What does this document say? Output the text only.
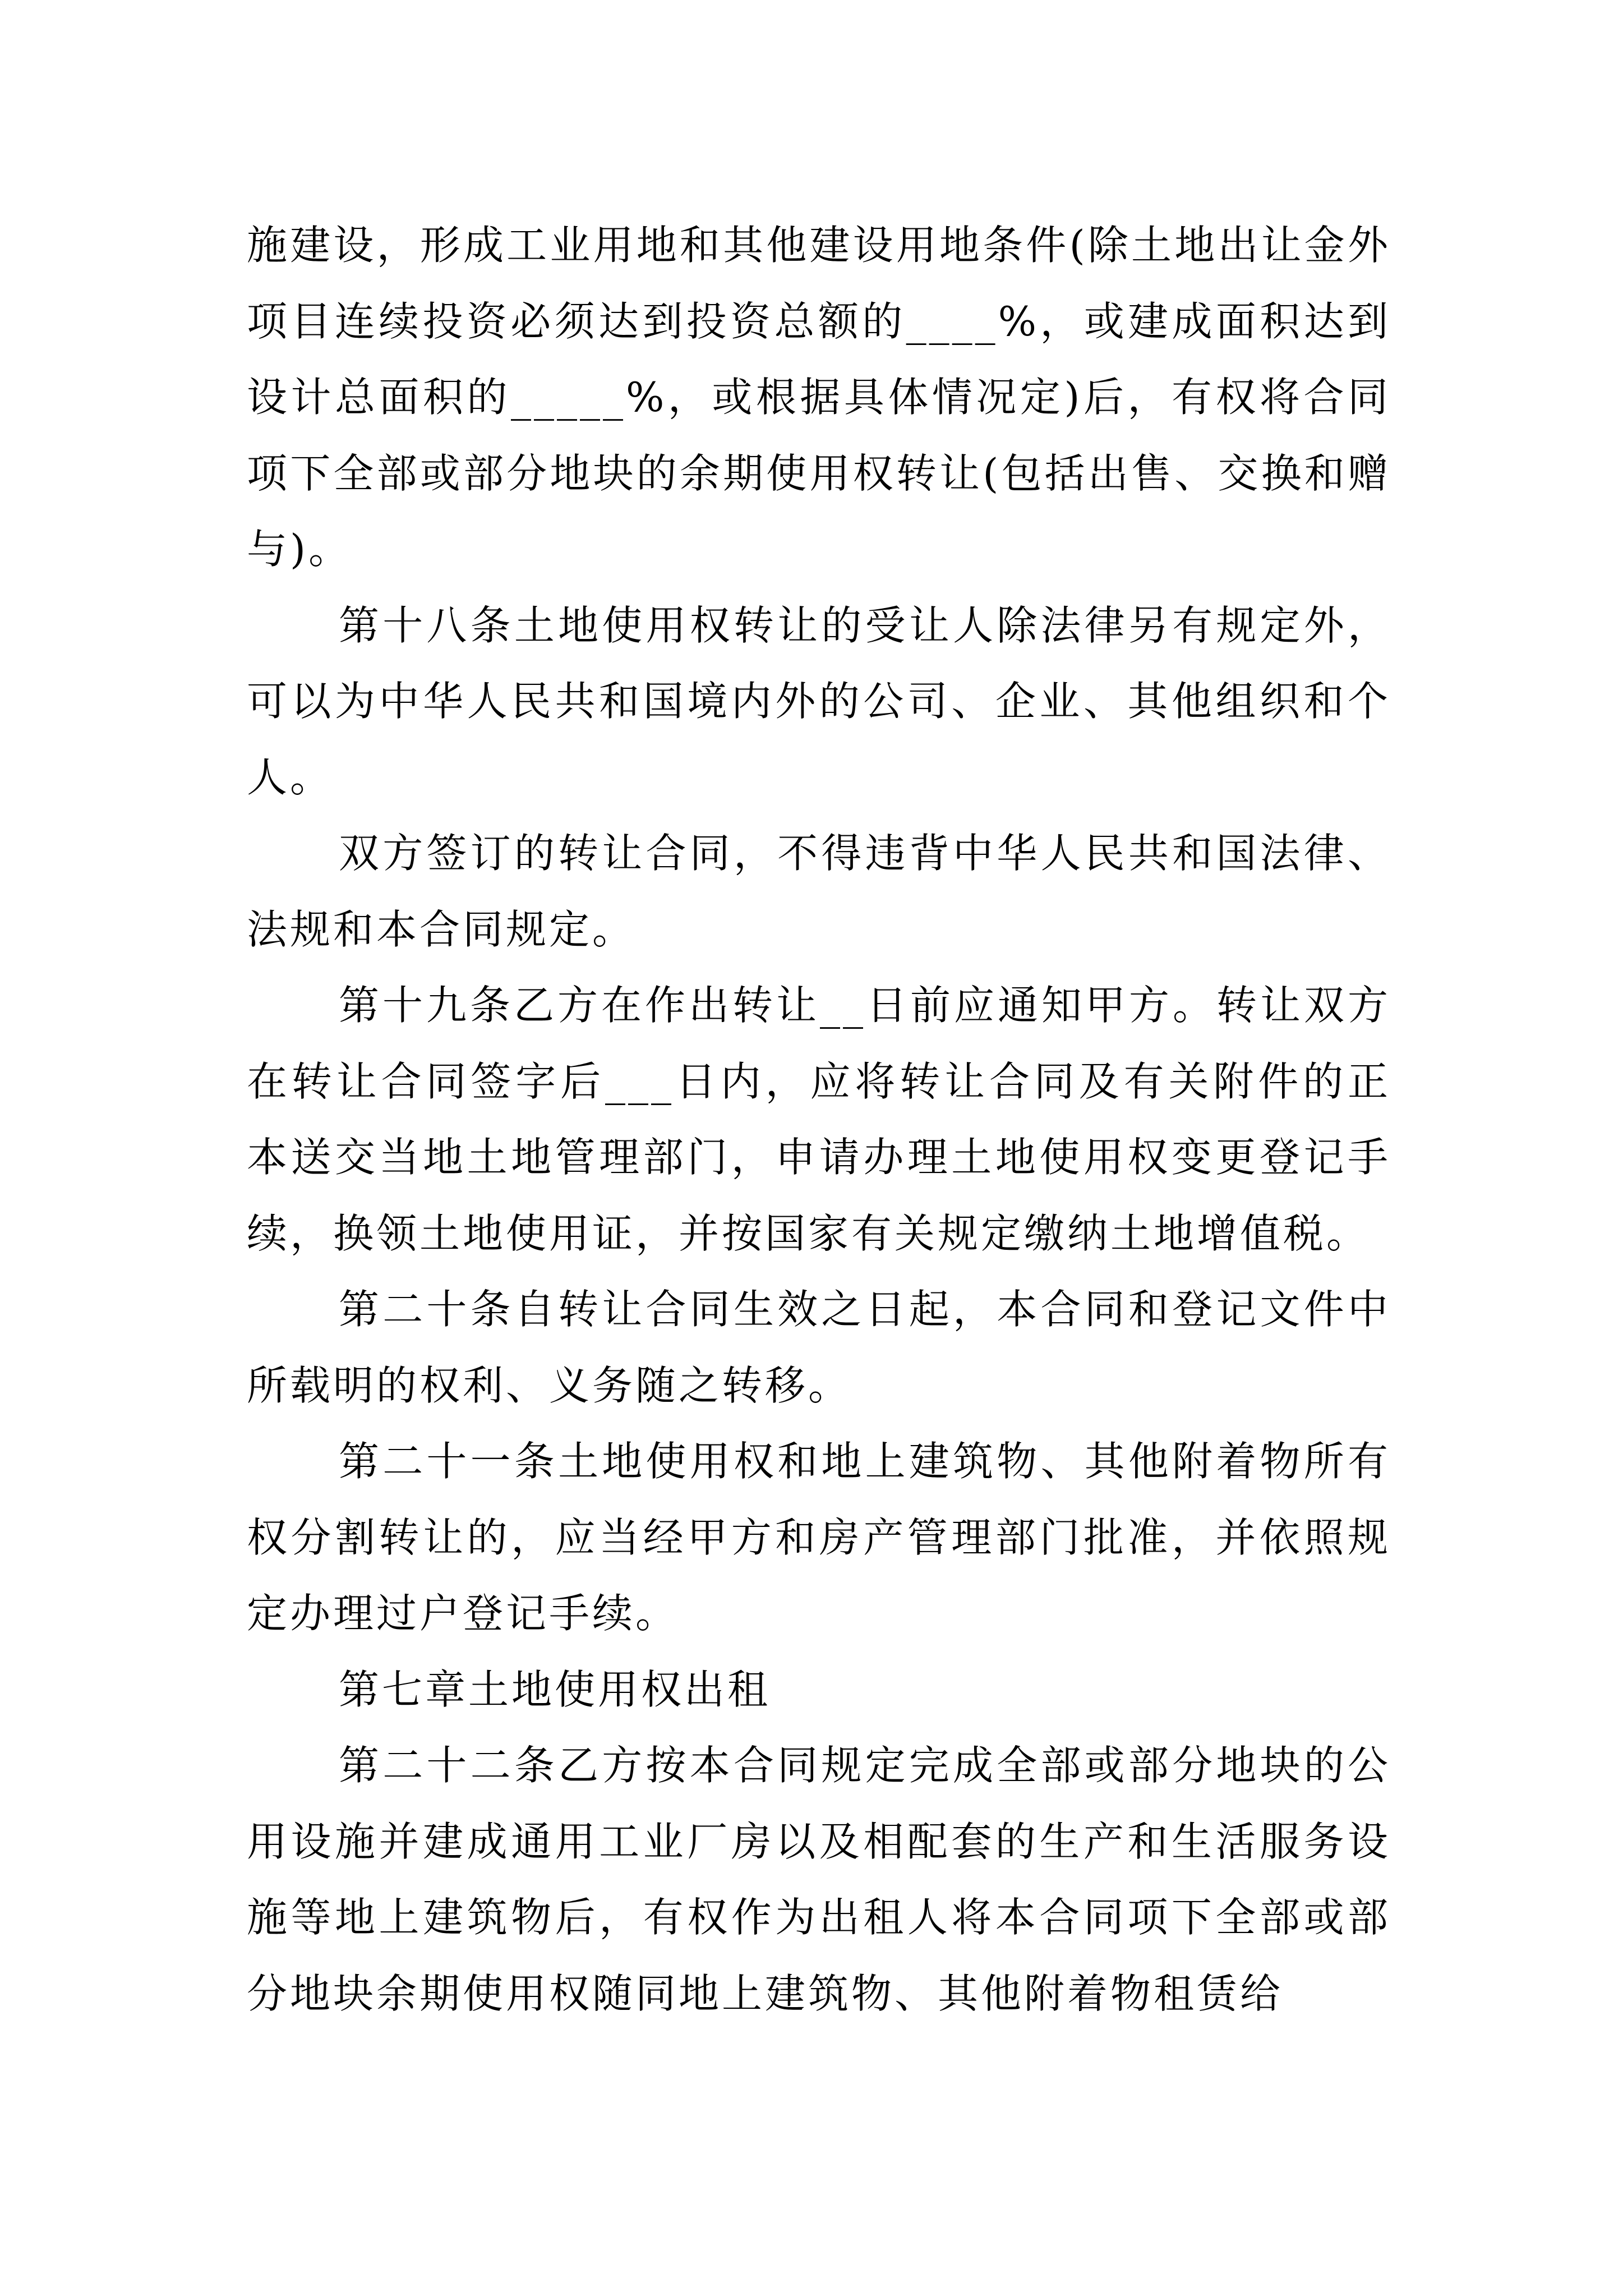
施建设，形成工业用地和其他建设用地条件(除土地出让金外项目连续投资必须达到投资总额的____%，或建成面积达到设计总面积的_____%，或根据具体情况定)后，有权将合同项下全部或部分地块的余期使用权转让(包括出售、交换和赠与)。

第十八条土地使用权转让的受让人除法律另有规定外，可以为中华人民共和国境内外的公司、企业、其他组织和个人。

双方签订的转让合同，不得违背中华人民共和国法律、法规和本合同规定。

第十九条乙方在作出转让__日前应通知甲方。转让双方在转让合同签字后___日内，应将转让合同及有关附件的正本送交当地土地管理部门，申请办理土地使用权变更登记手续，换领土地使用证，并按国家有关规定缴纳土地增值税。

第二十条自转让合同生效之日起，本合同和登记文件中所载明的权利、义务随之转移。

第二十一条土地使用权和地上建筑物、其他附着物所有权分割转让的，应当经甲方和房产管理部门批准，并依照规定办理过户登记手续。

第七章土地使用权出租

第二十二条乙方按本合同规定完成全部或部分地块的公用设施并建成通用工业厂房以及相配套的生产和生活服务设施等地上建筑物后，有权作为出租人将本合同项下全部或部分地块余期使用权随同地上建筑物、其他附着物租赁给
